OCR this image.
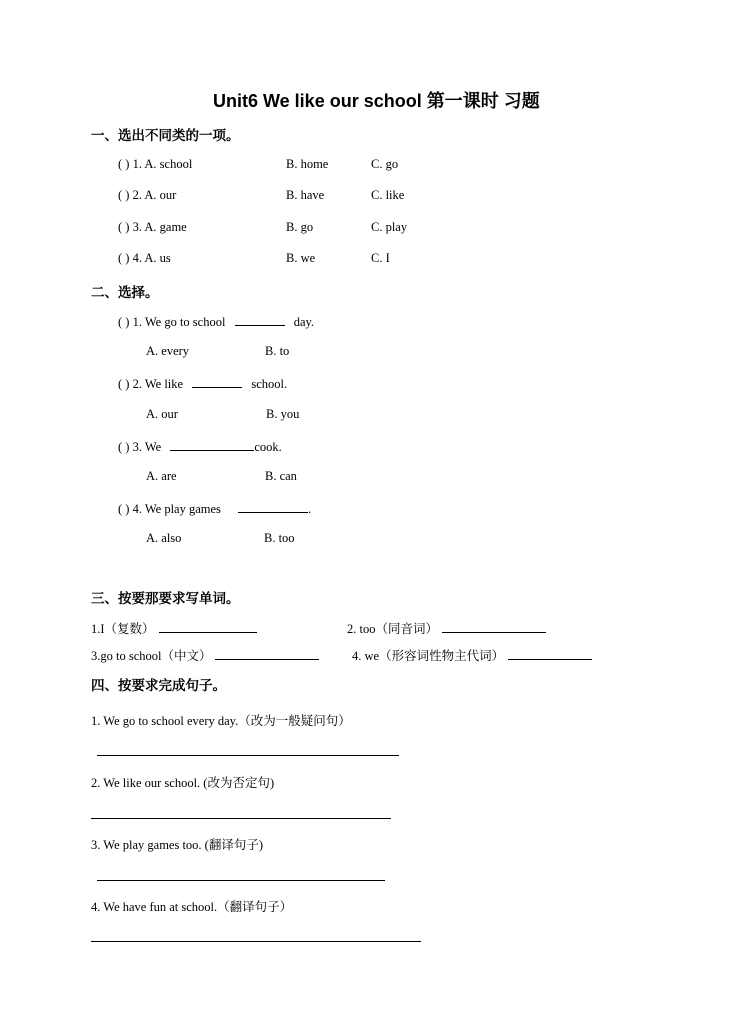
Unit6 We like our school 第一课时 习题
一、选出不同类的一项。
( ) 1. A. school	B. home	C. go
( ) 2. A. our	B. have	C. like
( ) 3. A. game	B. go	C. play
( ) 4. A. us	B. we	C. I
二、选择。
( ) 1. We go to school	day.
A. every	B. to
( ) 2. We like	school.
A. our	B. you
( ) 3. We	cook.
A. are	B. can
( ) 4. We play games	.
A. also	B. too
三、按要那要求写单词。
1.I（复数）	2. too（同音词）
3.go to school（中文）	4. we（形容词性物主代词）
四、按要求完成句子。
1. We go to school every day.（改为一般疑问句）
2. We like our school. (改为否定句)
3. We play games too. (翻译句子)
4. We have fun at school.（翻译句子）
